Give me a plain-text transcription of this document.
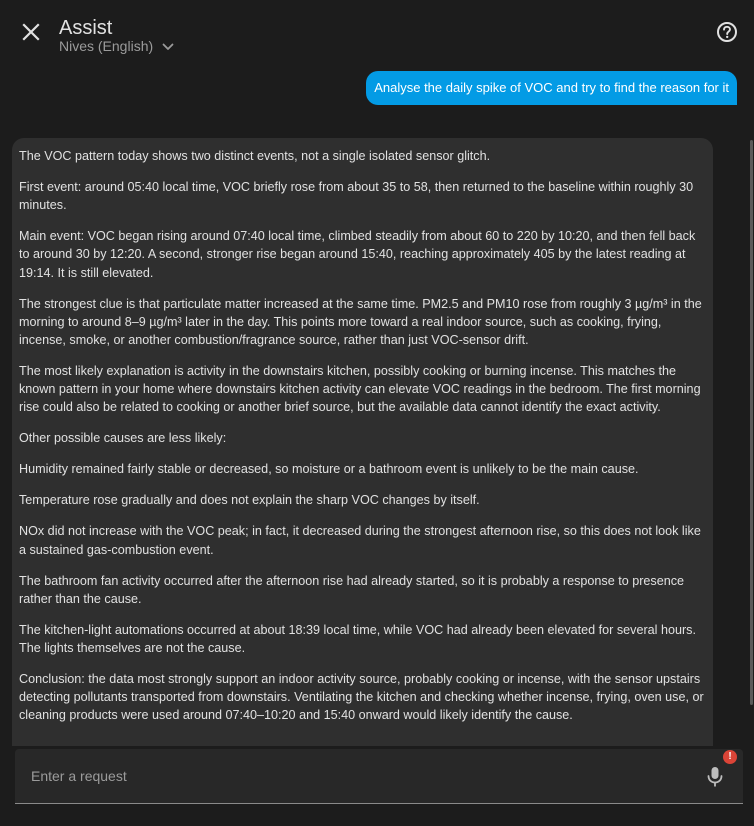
Assist
Nives (English)
Analyse the daily spike of VOC and try to find the reason for it

The VOC pattern today shows two distinct events, not a single isolated sensor glitch.

First event: around 05:40 local time, VOC briefly rose from about 35 to 58, then returned to the baseline within roughly 30 minutes.

Main event: VOC began rising around 07:40 local time, climbed steadily from about 60 to 220 by 10:20, and then fell back to around 30 by 12:20. A second, stronger rise began around 15:40, reaching approximately 405 by the latest reading at 19:14. It is still elevated.

The strongest clue is that particulate matter increased at the same time. PM2.5 and PM10 rose from roughly 3 µg/m³ in the morning to around 8–9 µg/m³ later in the day. This points more toward a real indoor source, such as cooking, frying, incense, smoke, or another combustion/fragrance source, rather than just VOC-sensor drift.

The most likely explanation is activity in the downstairs kitchen, possibly cooking or burning incense. This matches the known pattern in your home where downstairs kitchen activity can elevate VOC readings in the bedroom. The first morning rise could also be related to cooking or another brief source, but the available data cannot identify the exact activity.

Other possible causes are less likely:

Humidity remained fairly stable or decreased, so moisture or a bathroom event is unlikely to be the main cause.

Temperature rose gradually and does not explain the sharp VOC changes by itself.

NOx did not increase with the VOC peak; in fact, it decreased during the strongest afternoon rise, so this does not look like a sustained gas-combustion event.

The bathroom fan activity occurred after the afternoon rise had already started, so it is probably a response to presence rather than the cause.

The kitchen-light automations occurred at about 18:39 local time, while VOC had already been elevated for several hours. The lights themselves are not the cause.

Conclusion: the data most strongly support an indoor activity source, probably cooking or incense, with the sensor upstairs detecting pollutants transported from downstairs. Ventilating the kitchen and checking whether incense, frying, oven use, or cleaning products were used around 07:40–10:20 and 15:40 onward would likely identify the cause.

Enter a request
!
